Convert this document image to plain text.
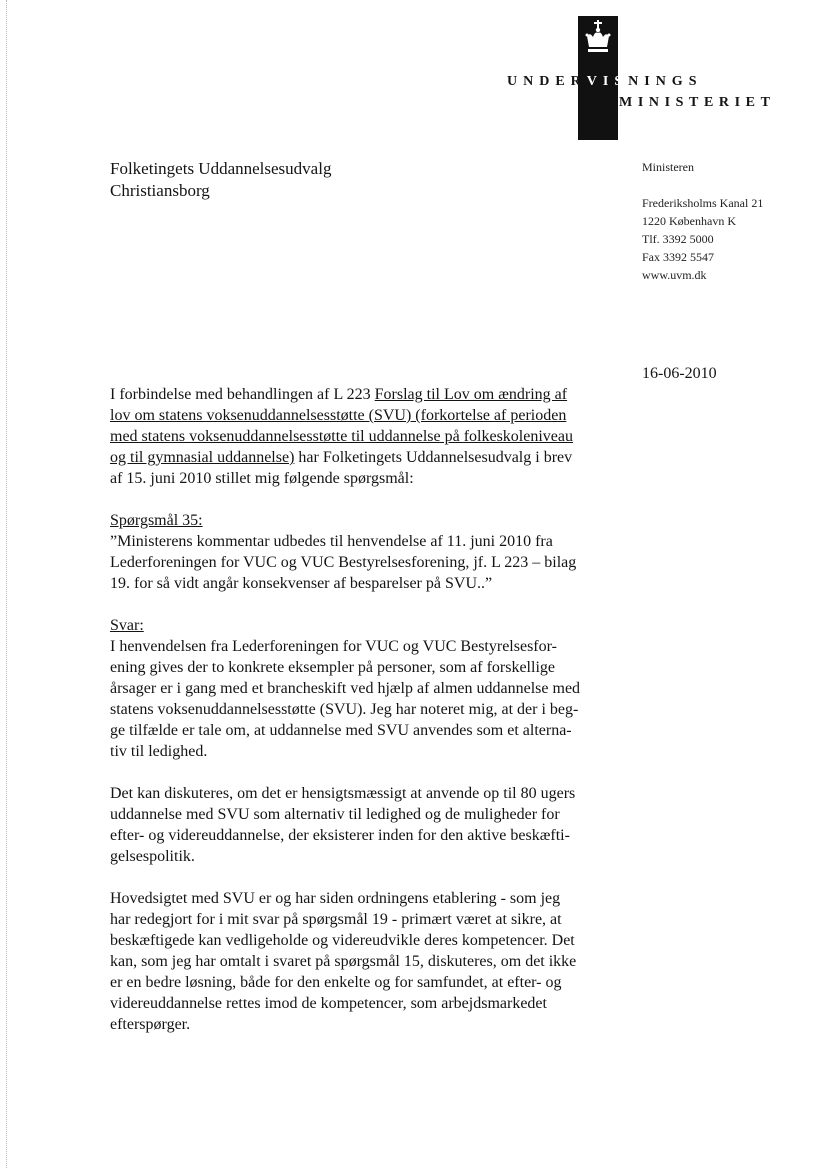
UNDERVISNINGS
MINISTERIET
Folketingets Uddannelsesudvalg
Christiansborg
Ministeren
Frederiksholms Kanal 21
1220 København K
Tlf. 3392 5000
Fax 3392 5547
www.uvm.dk
16-06-2010
I forbindelse med behandlingen af L 223 Forslag til Lov om ændring af
lov om statens voksenuddannelsesstøtte (SVU) (forkortelse af perioden
med statens voksenuddannelsesstøtte til uddannelse på folkeskoleniveau
og til gymnasial uddannelse) har Folketingets Uddannelsesudvalg i brev
af 15. juni 2010 stillet mig følgende spørgsmål:
Spørgsmål 35:
”Ministerens kommentar udbedes til henvendelse af 11. juni 2010 fra
Lederforeningen for VUC og VUC Bestyrelsesforening, jf. L 223 – bilag
19. for så vidt angår konsekvenser af besparelser på SVU..”
Svar:
I henvendelsen fra Lederforeningen for VUC og VUC Bestyrelsesfor-
ening gives der to konkrete eksempler på personer, som af forskellige
årsager er i gang med et brancheskift ved hjælp af almen uddannelse med
statens voksenuddannelsesstøtte (SVU). Jeg har noteret mig, at der i beg-
ge tilfælde er tale om, at uddannelse med SVU anvendes som et alterna-
tiv til ledighed.
Det kan diskuteres, om det er hensigtsmæssigt at anvende op til 80 ugers
uddannelse med SVU som alternativ til ledighed og de muligheder for
efter- og videreuddannelse, der eksisterer inden for den aktive beskæfti-
gelsespolitik.
Hovedsigtet med SVU er og har siden ordningens etablering - som jeg
har redegjort for i mit svar på spørgsmål 19 - primært været at sikre, at
beskæftigede kan vedligeholde og videreudvikle deres kompetencer. Det
kan, som jeg har omtalt i svaret på spørgsmål 15, diskuteres, om det ikke
er en bedre løsning, både for den enkelte og for samfundet, at efter- og
videreuddannelse rettes imod de kompetencer, som arbejdsmarkedet
efterspørger.
